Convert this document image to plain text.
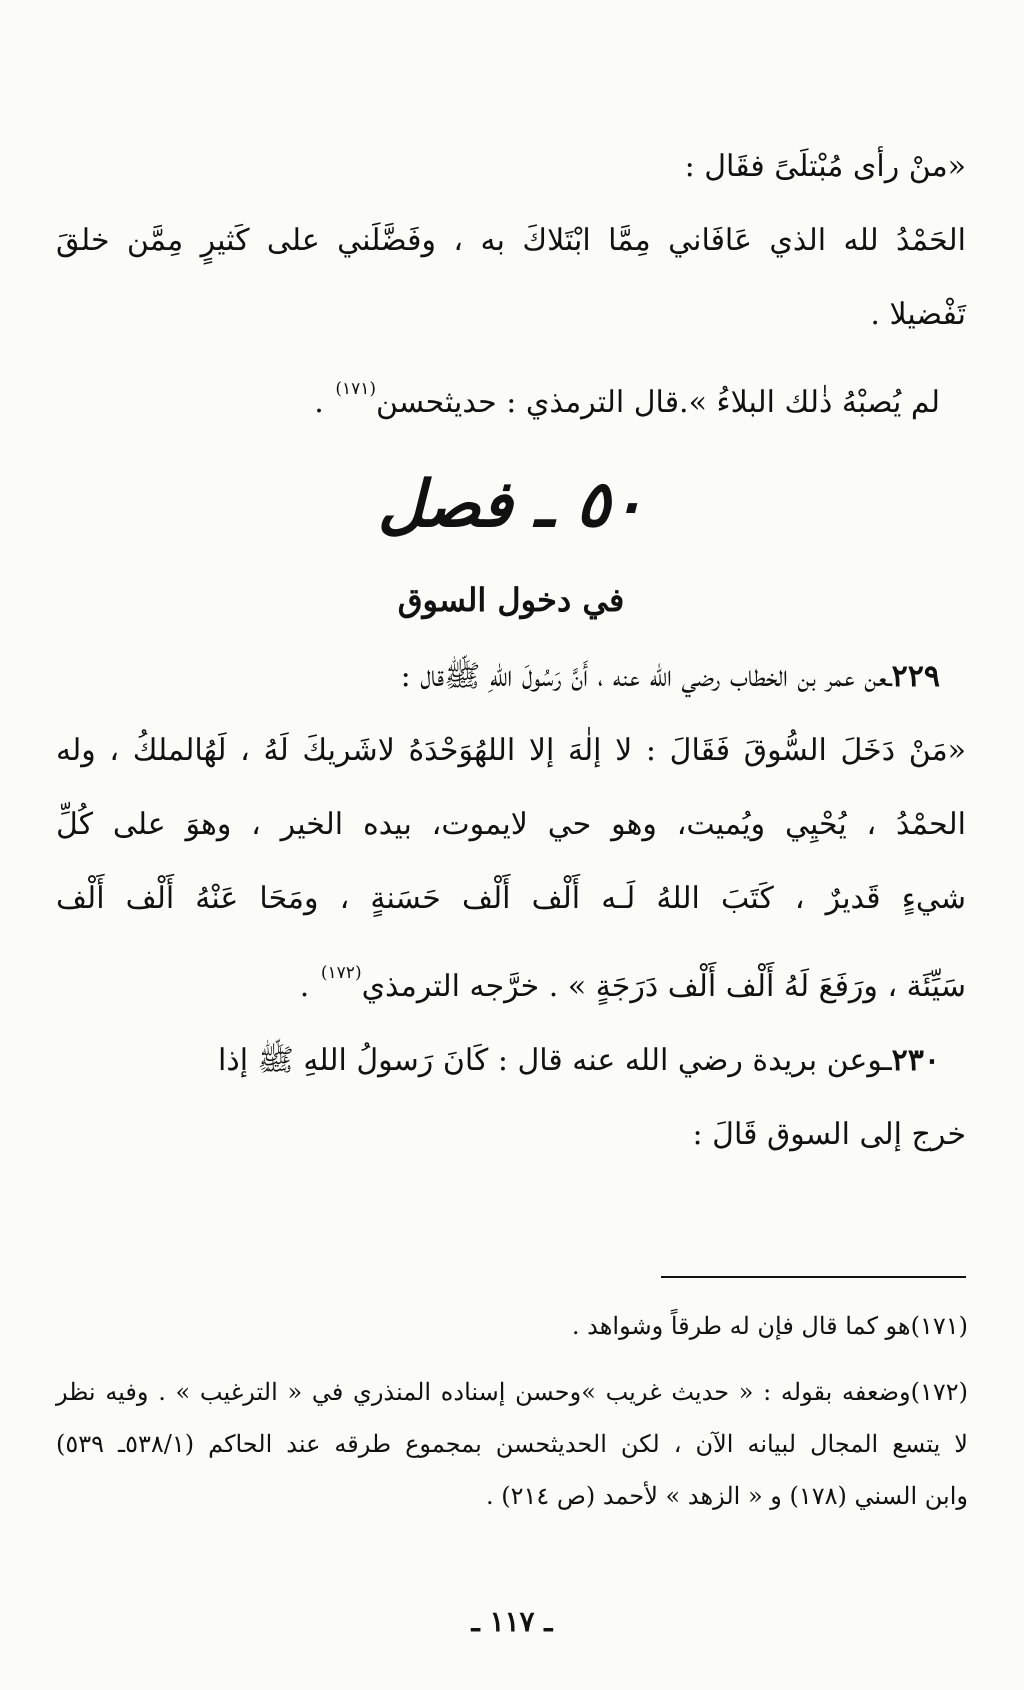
«منْ رأى مُبْتلَىً فقَال :
الحَمْدُ لله الذي عَافَاني مِمَّا ابْتَلاكَ به ، وفَضَّلَني على كَثيرٍ مِمَّن خلقَ
تَفْضيلا .
لم يُصبْهُ ذٰلك البلاءُ ».قال الترمذي : حديثحسن$^{(١٧١)}$ .
٥٠ ـ فصل
في دخول السوق
٢٢٩ـعن عمر بن الخطاب رضي الله عنه ، أَنَّ رَسُولَ اللهِ ﷺقال :
«مَنْ دَخَلَ السُّوقَ فَقَالَ : لا إلٰهَ إلا اللهُوَحْدَهُ لاشَريكَ لَهُ ، لَهُالملكُ ، وله
الحمْدُ ، يُحْيِي ويُميت، وهو حي لايموت، بيده الخير ، وهوَ على كُلِّ
شيءٍ قَديرٌ ، كَتَبَ اللهُ لَـه أَلْف أَلْف حَسَنةٍ ، ومَحَا عَنْهُ أَلْف أَلْف
سَيِّئَة ، ورَفَعَ لَهُ أَلْف أَلْف دَرَجَةٍ » . خرَّجه الترمذي$^{(١٧٢)}$ .
٢٣٠ـوعن بريدة رضي الله عنه قال : كَانَ رَسولُ اللهِ ﷺ إذا
خرج إلى السوق قَالَ :
(١٧١)هو كما قال فإن له طرقاً وشواهد .
(١٧٢)وضعفه بقوله : « حديث غريب »وحسن إسناده المنذري في « الترغيب » . وفيه نظر
لا يتسع المجال لبيانه الآن ، لكن الحديثحسن بمجموع طرقه عند الحاكم (٥٣٨/١ـ ٥٣٩)
وابن السني (١٧٨) و « الزهد » لأحمد (ص ٢١٤) .
ـ ١١٧ ـ
